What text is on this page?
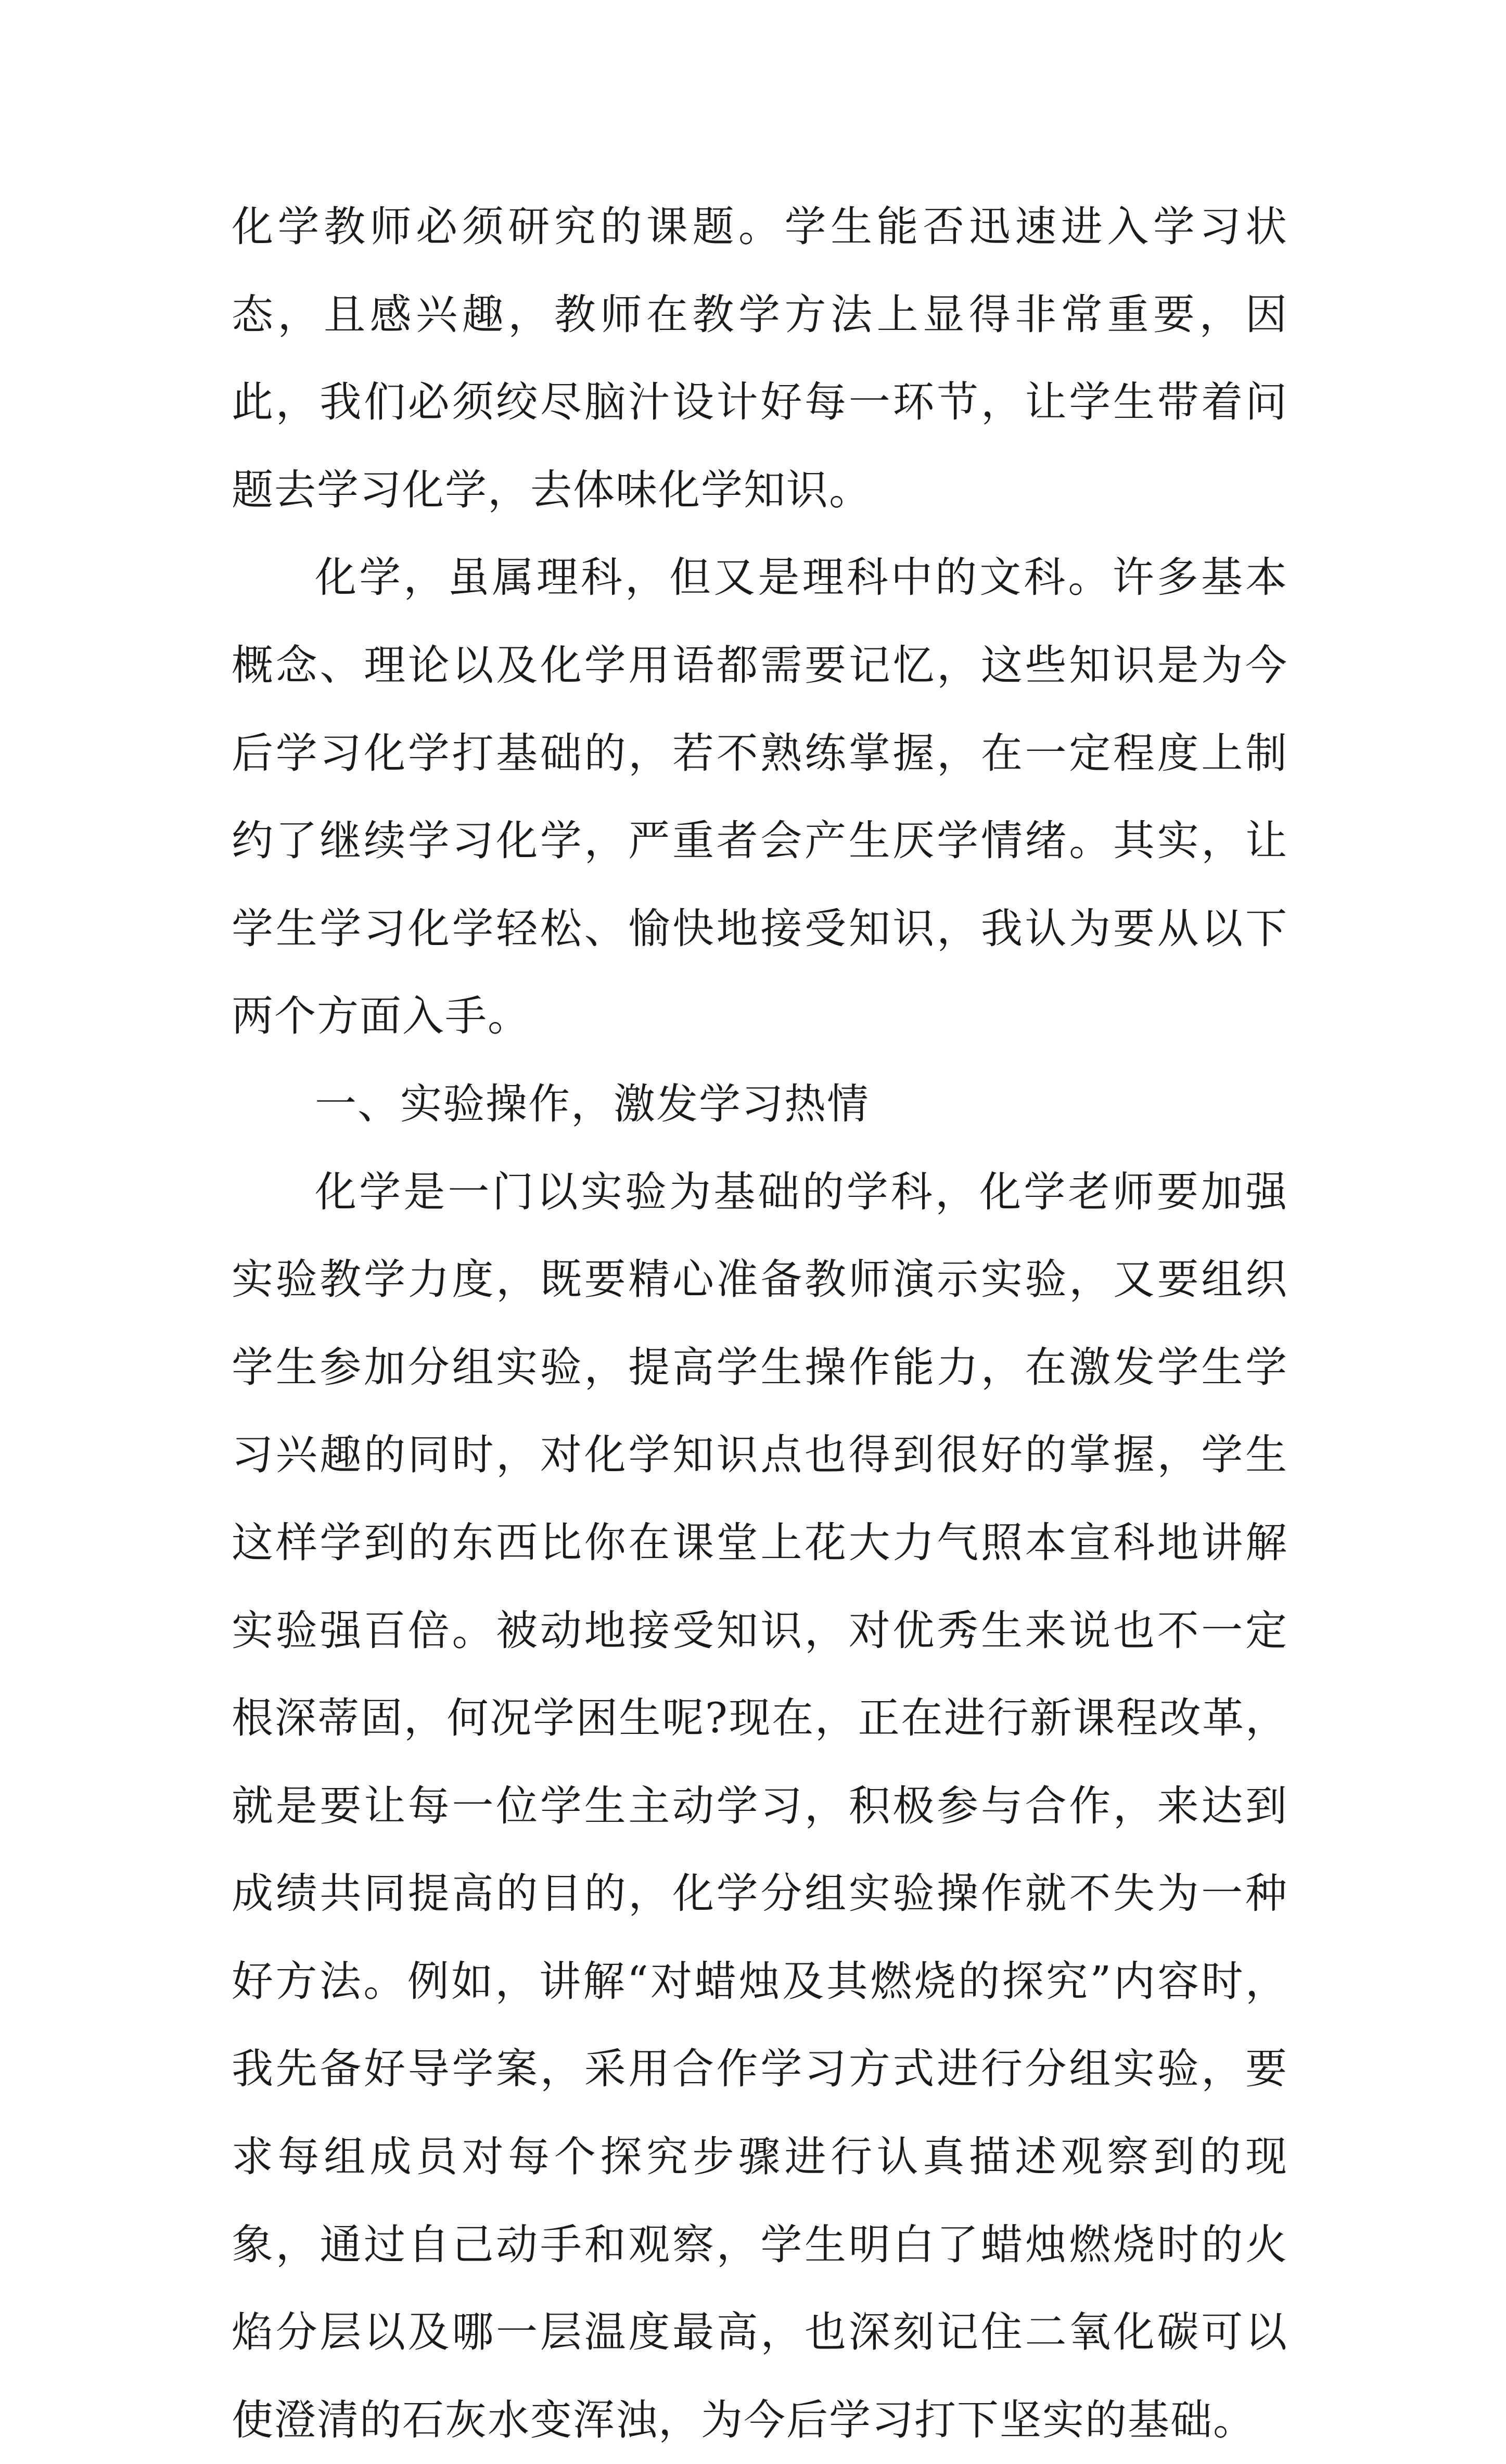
化学教师必须研究的课题。学生能否迅速进入学习状态，且感兴趣，教师在教学方法上显得非常重要，因此，我们必须绞尽脑汁设计好每一环节，让学生带着问题去学习化学，去体味化学知识。

化学，虽属理科，但又是理科中的文科。许多基本概念、理论以及化学用语都需要记忆，这些知识是为今后学习化学打基础的，若不熟练掌握，在一定程度上制约了继续学习化学，严重者会产生厌学情绪。其实，让学生学习化学轻松、愉快地接受知识，我认为要从以下两个方面入手。

一、实验操作，激发学习热情

化学是一门以实验为基础的学科，化学老师要加强实验教学力度，既要精心准备教师演示实验，又要组织学生参加分组实验，提高学生操作能力，在激发学生学习兴趣的同时，对化学知识点也得到很好的掌握，学生这样学到的东西比你在课堂上花大力气照本宣科地讲解实验强百倍。被动地接受知识，对优秀生来说也不一定根深蒂固，何况学困生呢?现在，正在进行新课程改革，就是要让每一位学生主动学习，积极参与合作，来达到成绩共同提高的目的，化学分组实验操作就不失为一种好方法。例如，讲解“对蜡烛及其燃烧的探究”内容时，我先备好导学案，采用合作学习方式进行分组实验，要求每组成员对每个探究步骤进行认真描述观察到的现象，通过自己动手和观察，学生明白了蜡烛燃烧时的火焰分层以及哪一层温度最高，也深刻记住二氧化碳可以使澄清的石灰水变浑浊，为今后学习打下坚实的基础。
